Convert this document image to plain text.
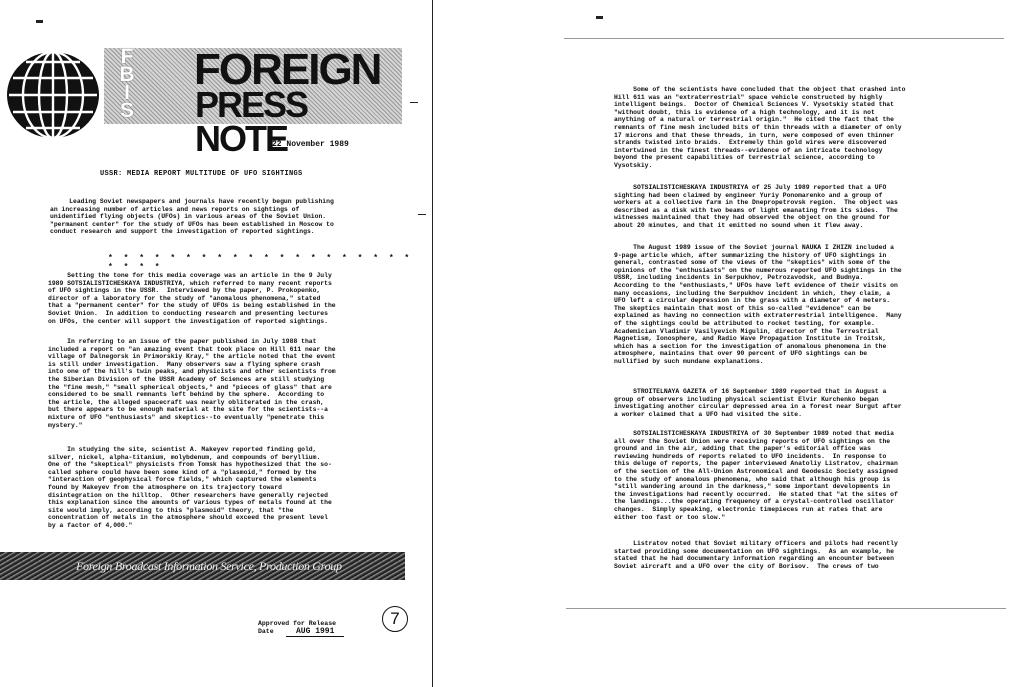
F
B
I
S
FOREIGN
PRESS NOTE
22 November 1989
USSR: MEDIA REPORT MULTITUDE OF UFO SIGHTINGS
Leading Soviet newspapers and journals have recently begun publishing
an increasing number of articles and news reports on sightings of
unidentified flying objects (UFOs) in various areas of the Soviet Union.
"permanent center" for the study of UFOs has been established in Moscow to
conduct research and support the investigation of reported sightings.
* * * * * * * * * * * * * * * * * * * * * * * *
Setting the tone for this media coverage was an article in the 9 July
1989 SOTSIALISTICHESKAYA INDUSTRIYA, which referred to many recent reports
of UFO sightings in the USSR.  Interviewed by the paper, P. Prokopenko,
director of a laboratory for the study of "anomalous phenomena," stated
that a "permanent center" for the study of UFOs is being established in the
Soviet Union.  In addition to conducting research and presenting lectures
on UFOs, the center will support the investigation of reported sightings.
In referring to an issue of the paper published in July 1988 that
included a report on "an amazing event that took place on Hill 611 near the
village of Dalnegorsk in Primorskiy Kray," the article noted that the event
is still under investigation.  Many observers saw a flying sphere crash
into one of the hill's twin peaks, and physicists and other scientists from
the Siberian Division of the USSR Academy of Sciences are still studying
the "fine mesh," "small spherical objects," and "pieces of glass" that are
considered to be small remnants left behind by the sphere.  According to
the article, the alleged spacecraft was nearly obliterated in the crash,
but there appears to be enough material at the site for the scientists--a
mixture of UFO "enthusiasts" and skeptics--to eventually "penetrate this
mystery."
In studying the site, scientist A. Makeyev reported finding gold,
silver, nickel, alpha-titanium, molybdenum, and compounds of beryllium.
One of the "skeptical" physicists from Tomsk has hypothesized that the so-
called sphere could have been some kind of a "plasmoid," formed by the
"interaction of geophysical force fields," which captured the elements
found by Makeyev from the atmosphere on its trajectory toward
disintegration on the hilltop.  Other researchers have generally rejected
this explanation since the amounts of various types of metals found at the
site would imply, according to this "plasmoid" theory, that "the
concentration of metals in the atmosphere should exceed the present level
by a factor of 4,000."
Foreign Broadcast Information Service, Production Group
Approved for Release
Date	AUG 1991
7
Some of the scientists have concluded that the object that crashed into
Hill 611 was an "extraterrestrial" space vehicle constructed by highly
intelligent beings.  Doctor of Chemical Sciences V. Vysotskiy stated that
"without doubt, this is evidence of a high technology, and it is not
anything of a natural or terrestrial origin."  He cited the fact that the
remnants of fine mesh included bits of thin threads with a diameter of only
17 microns and that these threads, in turn, were composed of even thinner
strands twisted into braids.  Extremely thin gold wires were discovered
intertwined in the finest threads--evidence of an intricate technology
beyond the present capabilities of terrestrial science, according to
Vysotskiy.
SOTSIALISTICHESKAYA INDUSTRIYA of 25 July 1989 reported that a UFO
sighting had been claimed by engineer Yuriy Ponomarenko and a group of
workers at a collective farm in the Dnepropetrovsk region.  The object was
described as a disk with two beams of light emanating from its sides.  The
witnesses maintained that they had observed the object on the ground for
about 20 minutes, and that it emitted no sound when it flew away.
The August 1989 issue of the Soviet journal NAUKA I ZHIZN included a
9-page article which, after summarizing the history of UFO sightings in
general, contrasted some of the views of the "skeptics" with some of the
opinions of the "enthusiasts" on the numerous reported UFO sightings in the
USSR, including incidents in Serpukhov, Petrozavodsk, and Budnya.
According to the "enthusiasts," UFOs have left evidence of their visits on
many occasions, including the Serpukhov incident in which, they claim, a
UFO left a circular depression in the grass with a diameter of 4 meters.
The skeptics maintain that most of this so-called "evidence" can be
explained as having no connection with extraterrestrial intelligence.  Many
of the sightings could be attributed to rocket testing, for example.
Academician Vladimir Vasilyevich Migulin, director of the Terrestrial
Magnetism, Ionosphere, and Radio Wave Propagation Institute in Troitsk,
which has a section for the investigation of anomalous phenomena in the
atmosphere, maintains that over 90 percent of UFO sightings can be
nullified by such mundane explanations.
STROITELNAYA GAZETA of 16 September 1989 reported that in August a
group of observers including physical scientist Elvir Kurchenko began
investigating another circular depressed area in a forest near Surgut after
a worker claimed that a UFO had visited the site.
SOTSIALISTICHESKAYA INDUSTRIYA of 30 September 1989 noted that media
all over the Soviet Union were receiving reports of UFO sightings on the
ground and in the air, adding that the paper's editorial office was
reviewing hundreds of reports related to UFO incidents.  In response to
this deluge of reports, the paper interviewed Anatoliy Listratov, chairman
of the section of the All-Union Astronomical and Geodesic Society assigned
to the study of anomalous phenomena, who said that although his group is
"still wandering around in the darkness," some important developments in
the investigations had recently occurred.  He stated that "at the sites of
the landings...the operating frequency of a crystal-controlled oscillator
changes.  Simply speaking, electronic timepieces run at rates that are
either too fast or too slow."
Listratov noted that Soviet military officers and pilots had recently
started providing some documentation on UFO sightings.  As an example, he
stated that he had documentary information regarding an encounter between
Soviet aircraft and a UFO over the city of Borisov.  The crews of two
